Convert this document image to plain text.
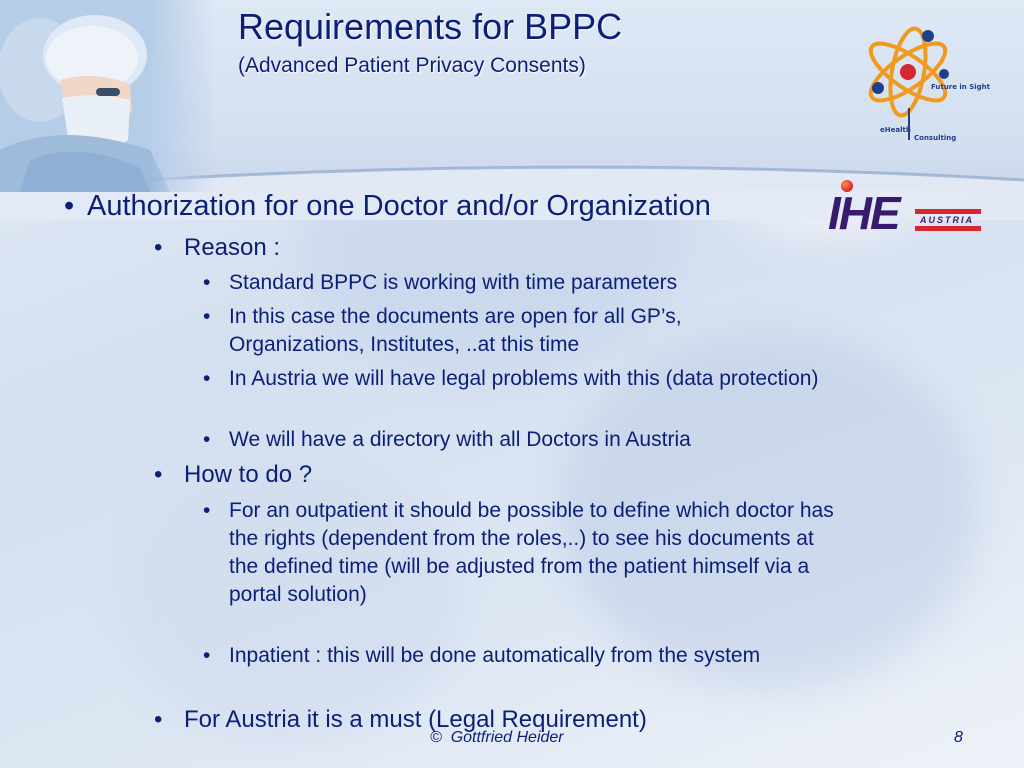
Requirements for BPPC
(Advanced Patient Privacy Consents)
Future in Sight
eHealth
Consulting
IHE AUSTRIA
• Authorization for one Doctor and/or Organization
• Reason :
• Standard BPPC is working with time parameters
• In this case the documents are open for all GP’s, Organizations, Institutes, ..at this time
• In Austria we will have legal problems with this (data protection)
• We will have a directory with all Doctors in Austria
• How to do ?
• For an outpatient it should be possible to define which doctor has the rights (dependent from the roles,..) to see his documents at the defined time (will be adjusted from the patient himself via a portal solution)
• Inpatient : this will be done automatically from the system
• For Austria it is a must (Legal Requirement)
© Gottfried Heider	8
